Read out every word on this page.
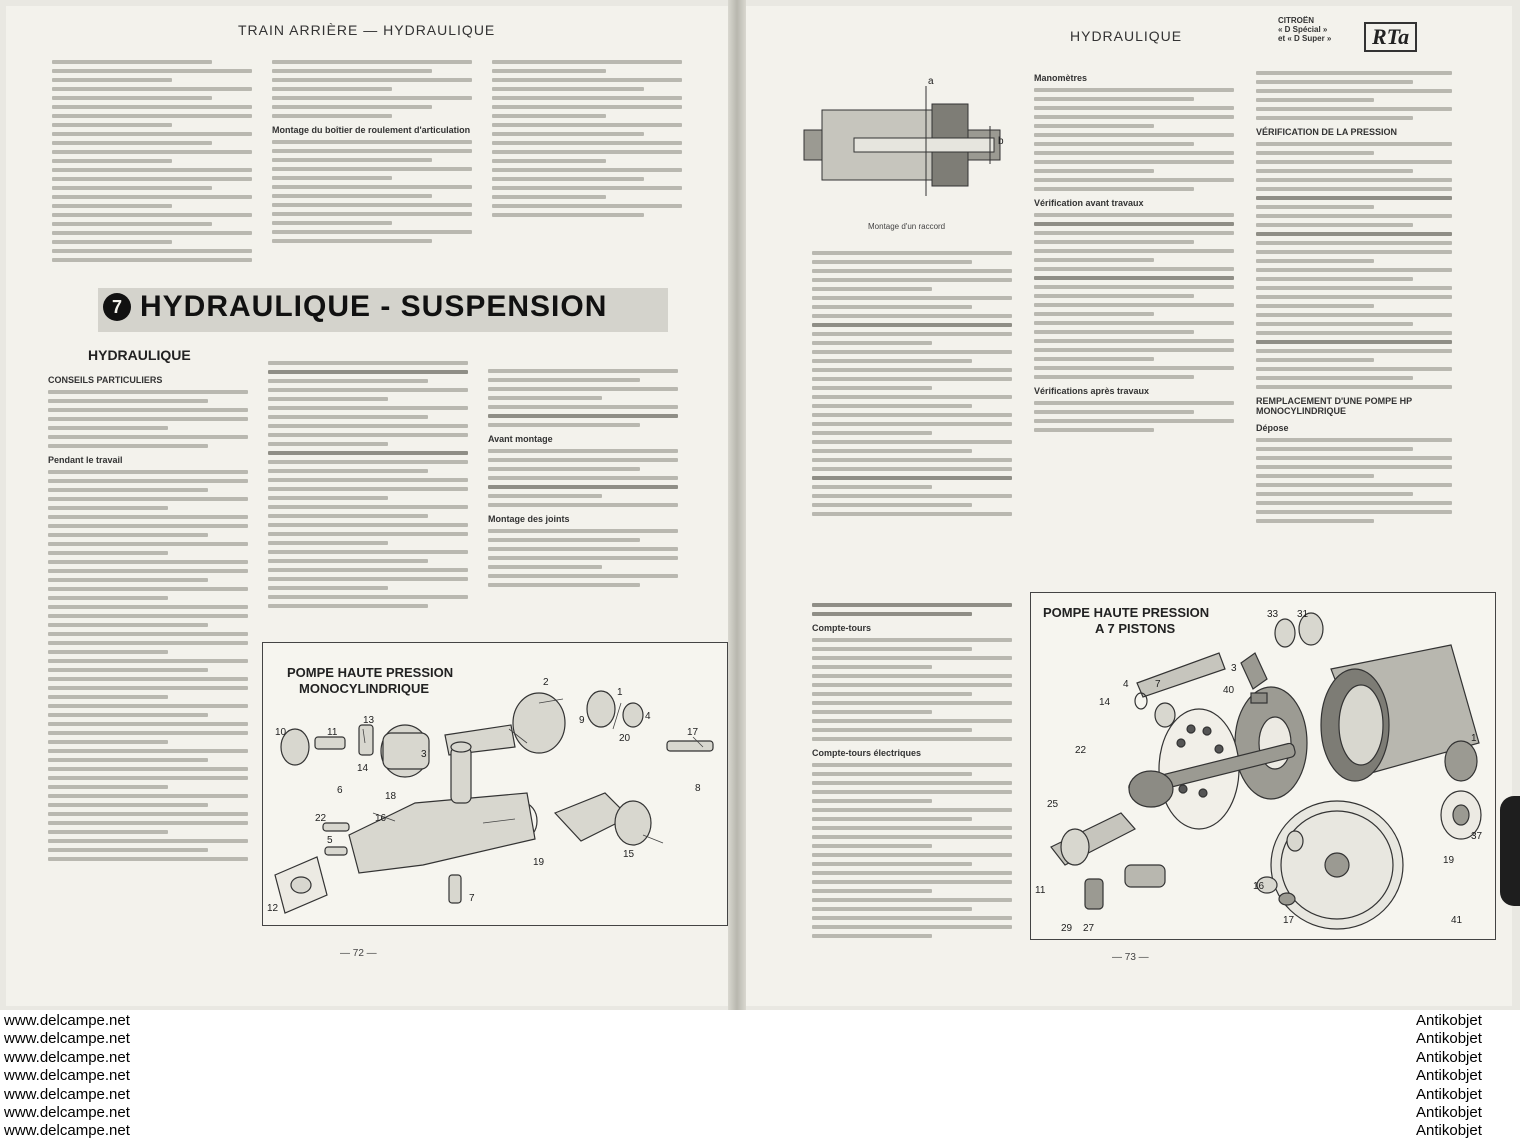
TRAIN ARRIÈRE — HYDRAULIQUE	HYDRAULIQUE
CITROËN
« D Spécial »
et « D Super »	RTa
Montage du boîtier de roulement d'articulation
7 HYDRAULIQUE - SUSPENSION
HYDRAULIQUE
CONSEILS PARTICULIERS
Pendant le travail
Avant montage
Montage des joints
POMPE HAUTE PRESSION
MONOCYLINDRIQUE	2
1
3
4
5
6
7
8
10	11
13
14
15
17
18
19
20
22
12
16
9
— 72 —
a
b
Montage d'un raccord
Manomètres
Vérification avant travaux
Vérifications après travaux
VÉRIFICATION DE LA PRESSION
REMPLACEMENT D'UNE POMPE HP MONOCYLINDRIQUE
Dépose
Compte-tours
Compte-tours électriques
POMPE HAUTE PRESSION
A 7 PISTONS
31
33
4	7
14
40
3
1
22
25
37
19
29 27
11	16
17	41
— 73 —
www.delcampe.net
www.delcampe.net
www.delcampe.net
www.delcampe.net
www.delcampe.net
www.delcampe.net
www.delcampe.net
Antikobjet
Antikobjet
Antikobjet
Antikobjet
Antikobjet
Antikobjet
Antikobjet
